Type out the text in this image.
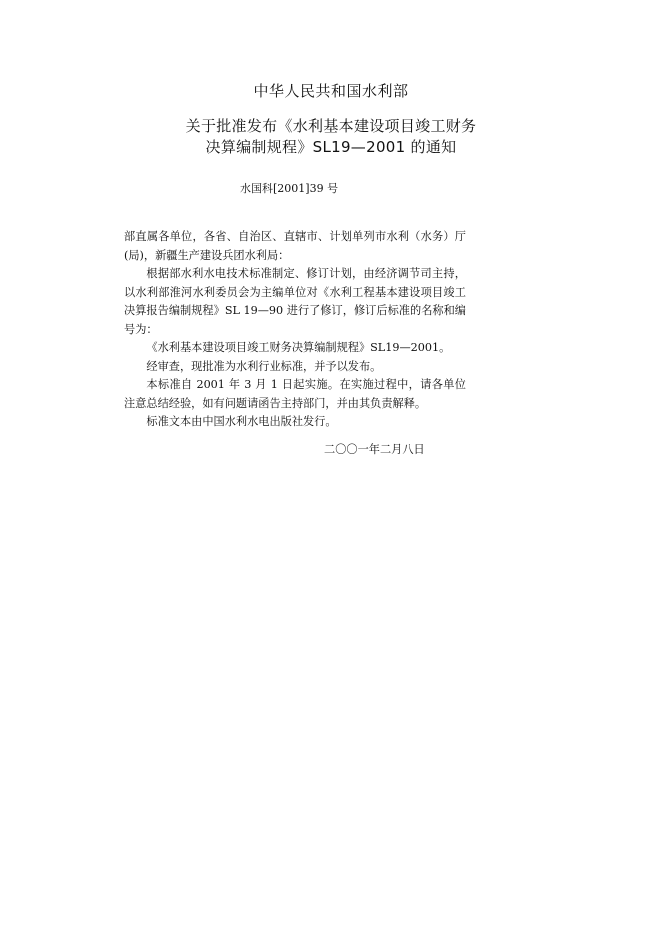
中华人民共和国水利部
关于批准发布《水利基本建设项目竣工财务
决算编制规程》SL19—2001 的通知
水国科[2001]39 号

部直属各单位，各省、自治区、直辖市、计划单列市水利（水务）厅(局)，新疆生产建设兵团水利局：

根据部水利水电技术标准制定、修订计划，由经济调节司主持，以水利部淮河水利委员会为主编单位对《水利工程基本建设项目竣工决算报告编制规程》SL 19—90 进行了修订，修订后标准的名称和编号为：

《水利基本建设项目竣工财务决算编制规程》SL19—2001。

经审查，现批准为水利行业标准，并予以发布。

本标准自 2001 年 3 月 1 日起实施。在实施过程中，请各单位注意总结经验，如有问题请函告主持部门，并由其负责解释。

标准文本由中国水利水电出版社发行。

二〇〇一年二月八日
